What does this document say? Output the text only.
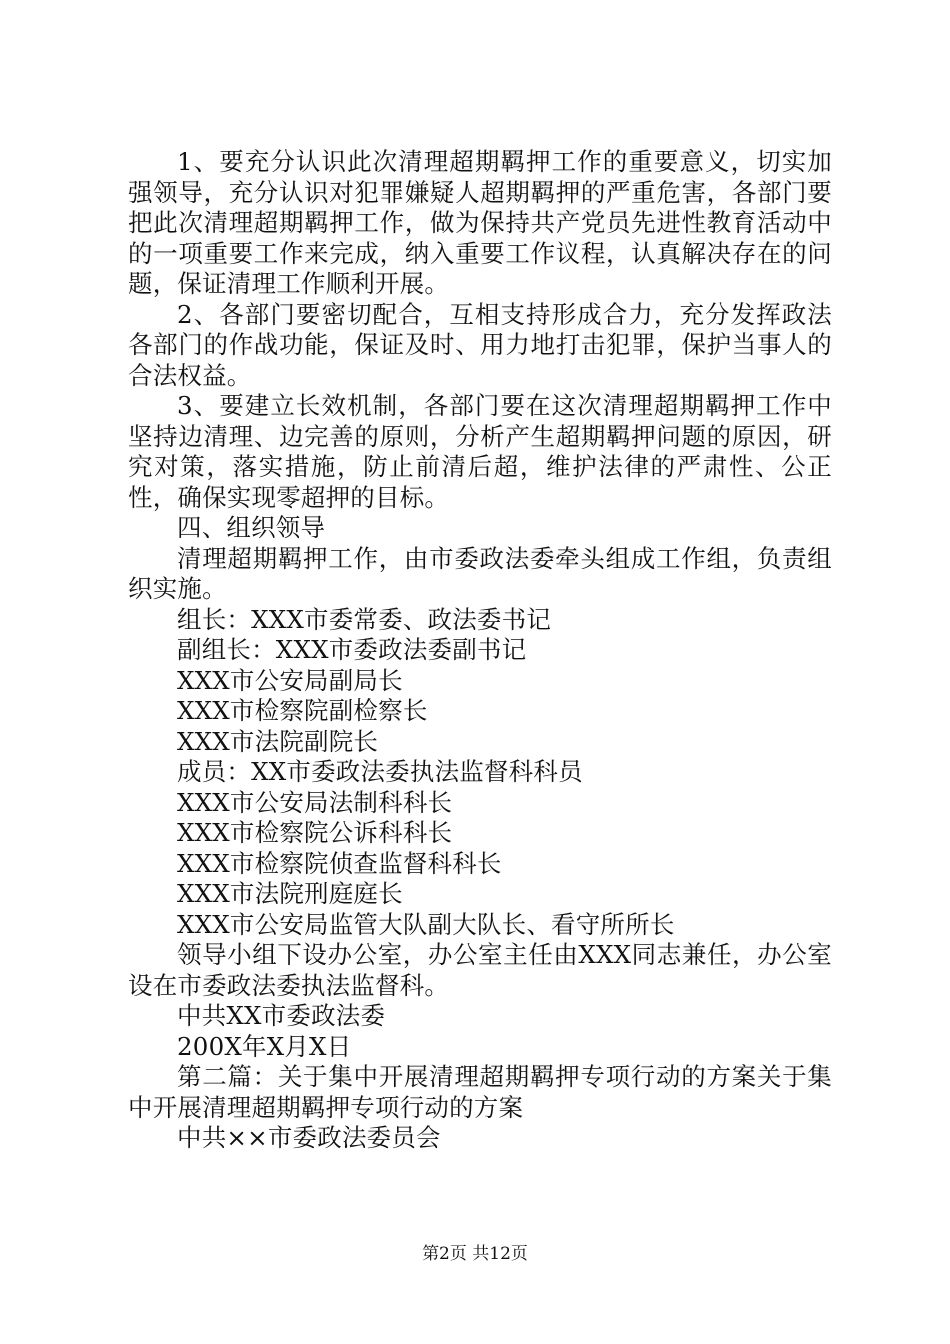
1、要充分认识此次清理超期羁押工作的重要意义，切实加强领导，充分认识对犯罪嫌疑人超期羁押的严重危害，各部门要把此次清理超期羁押工作，做为保持共产党员先进性教育活动中的一项重要工作来完成，纳入重要工作议程，认真解决存在的问题，保证清理工作顺利开展。

2、各部门要密切配合，互相支持形成合力，充分发挥政法各部门的作战功能，保证及时、用力地打击犯罪，保护当事人的合法权益。

3、要建立长效机制，各部门要在这次清理超期羁押工作中坚持边清理、边完善的原则，分析产生超期羁押问题的原因，研究对策，落实措施，防止前清后超，维护法律的严肃性、公正性，确保实现零超押的目标。

四、组织领导

清理超期羁押工作，由市委政法委牵头组成工作组，负责组织实施。

组长：XXX市委常委、政法委书记

副组长：XXX市委政法委副书记

XXX市公安局副局长

XXX市检察院副检察长

XXX市法院副院长

成员：XX市委政法委执法监督科科员

XXX市公安局法制科科长

XXX市检察院公诉科科长

XXX市检察院侦查监督科科长

XXX市法院刑庭庭长

XXX市公安局监管大队副大队长、看守所所长

领导小组下设办公室，办公室主任由XXX同志兼任，办公室设在市委政法委执法监督科。

中共XX市委政法委

200X年X月X日

第二篇：关于集中开展清理超期羁押专项行动的方案关于集中开展清理超期羁押专项行动的方案

中共××市委政法委员会

第2页 共12页
